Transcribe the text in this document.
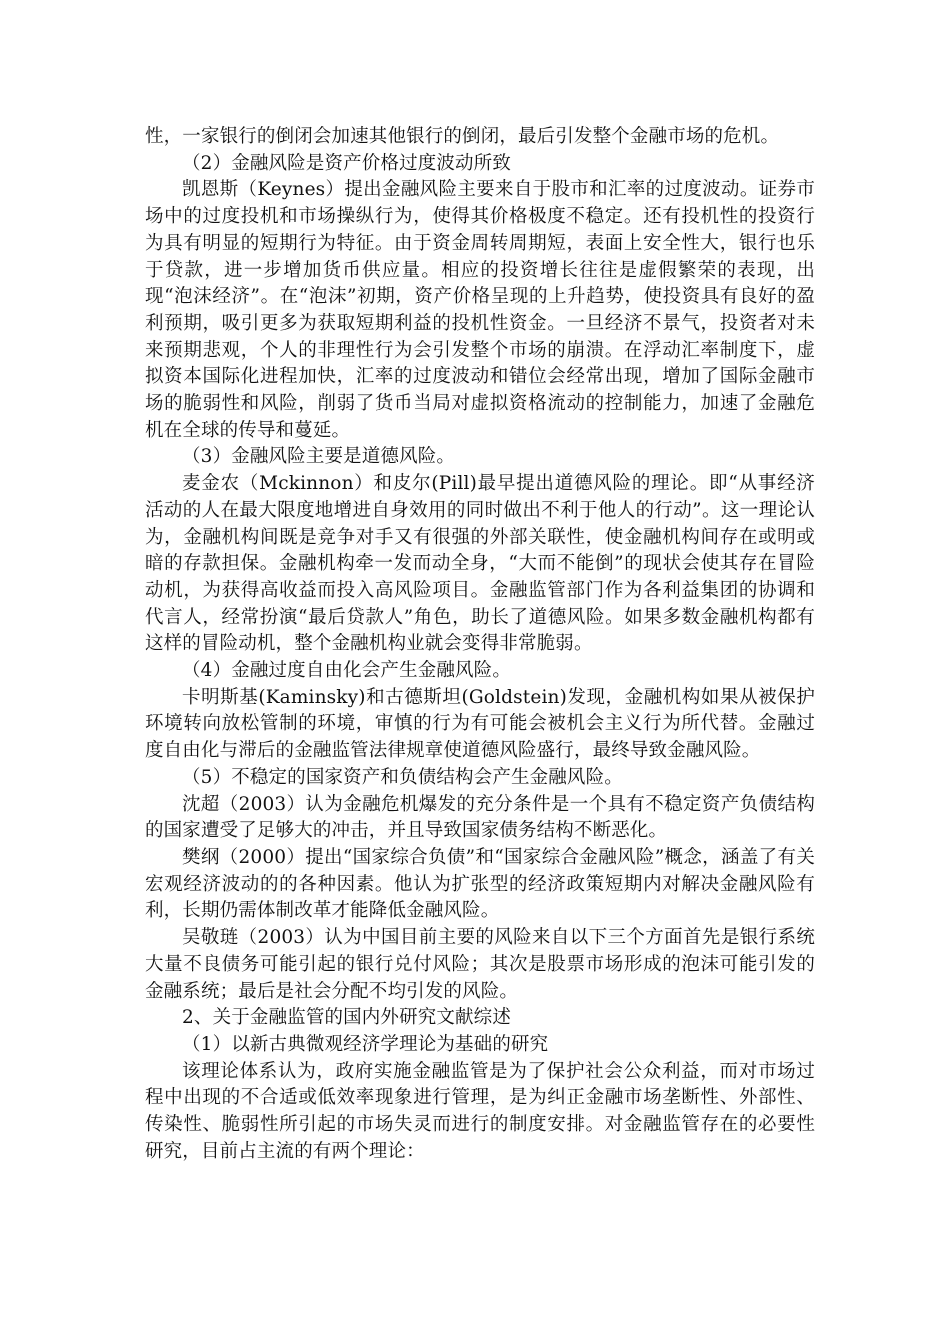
性，一家银行的倒闭会加速其他银行的倒闭，最后引发整个金融市场的危机。

（2）金融风险是资产价格过度波动所致

凯恩斯（Keynes）提出金融风险主要来自于股市和汇率的过度波动。证券市场中的过度投机和市场操纵行为，使得其价格极度不稳定。还有投机性的投资行为具有明显的短期行为特征。由于资金周转周期短，表面上安全性大，银行也乐于贷款，进一步增加货币供应量。相应的投资增长往往是虚假繁荣的表现，出现“泡沫经济”。在“泡沫”初期，资产价格呈现的上升趋势，使投资具有良好的盈利预期，吸引更多为获取短期利益的投机性资金。一旦经济不景气，投资者对未来预期悲观，个人的非理性行为会引发整个市场的崩溃。在浮动汇率制度下，虚拟资本国际化进程加快，汇率的过度波动和错位会经常出现，增加了国际金融市场的脆弱性和风险，削弱了货币当局对虚拟资格流动的控制能力，加速了金融危机在全球的传导和蔓延。

（3）金融风险主要是道德风险。

麦金农（Mckinnon）和皮尔(Pill)最早提出道德风险的理论。即“从事经济活动的人在最大限度地增进自身效用的同时做出不利于他人的行动”。这一理论认为，金融机构间既是竞争对手又有很强的外部关联性，使金融机构间存在或明或暗的存款担保。金融机构牵一发而动全身，“大而不能倒”的现状会使其存在冒险动机，为获得高收益而投入高风险项目。金融监管部门作为各利益集团的协调和代言人，经常扮演“最后贷款人”角色，助长了道德风险。如果多数金融机构都有这样的冒险动机，整个金融机构业就会变得非常脆弱。

（4）金融过度自由化会产生金融风险。

卡明斯基(Kaminsky)和古德斯坦(Goldstein)发现，金融机构如果从被保护环境转向放松管制的环境，审慎的行为有可能会被机会主义行为所代替。金融过度自由化与滞后的金融监管法律规章使道德风险盛行，最终导致金融风险。

（5）不稳定的国家资产和负债结构会产生金融风险。

沈超（2003）认为金融危机爆发的充分条件是一个具有不稳定资产负债结构的国家遭受了足够大的冲击，并且导致国家债务结构不断恶化。

樊纲（2000）提出“国家综合负债”和“国家综合金融风险”概念，涵盖了有关宏观经济波动的的各种因素。他认为扩张型的经济政策短期内对解决金融风险有利，长期仍需体制改革才能降低金融风险。

吴敬琏（2003）认为中国目前主要的风险来自以下三个方面首先是银行系统大量不良债务可能引起的银行兑付风险；其次是股票市场形成的泡沫可能引发的金融系统；最后是社会分配不均引发的风险。

2、关于金融监管的国内外研究文献综述

（1）以新古典微观经济学理论为基础的研究

该理论体系认为，政府实施金融监管是为了保护社会公众利益，而对市场过程中出现的不合适或低效率现象进行管理，是为纠正金融市场垄断性、外部性、传染性、脆弱性所引起的市场失灵而进行的制度安排。对金融监管存在的必要性研究，目前占主流的有两个理论：
